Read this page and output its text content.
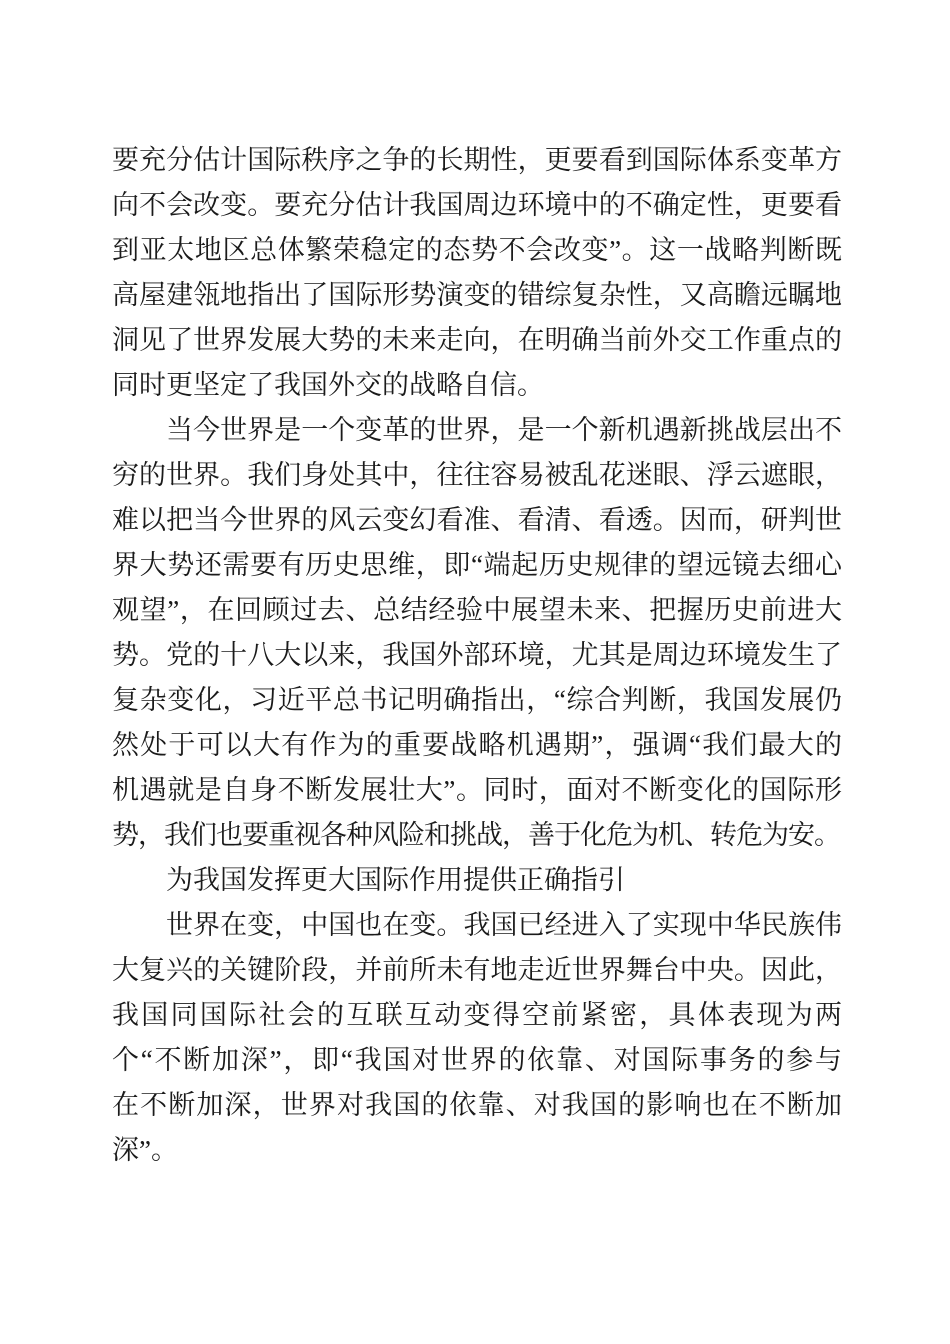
要充分估计国际秩序之争的长期性，更要看到国际体系变革方
向不会改变。要充分估计我国周边环境中的不确定性，更要看
到亚太地区总体繁荣稳定的态势不会改变”。这一战略判断既
高屋建瓴地指出了国际形势演变的错综复杂性，又高瞻远瞩地
洞见了世界发展大势的未来走向，在明确当前外交工作重点的
同时更坚定了我国外交的战略自信。
当今世界是一个变革的世界，是一个新机遇新挑战层出不
穷的世界。我们身处其中，往往容易被乱花迷眼、浮云遮眼，
难以把当今世界的风云变幻看准、看清、看透。因而，研判世
界大势还需要有历史思维，即“端起历史规律的望远镜去细心
观望”，在回顾过去、总结经验中展望未来、把握历史前进大
势。党的十八大以来，我国外部环境，尤其是周边环境发生了
复杂变化，习近平总书记明确指出，“综合判断，我国发展仍
然处于可以大有作为的重要战略机遇期”，强调“我们最大的
机遇就是自身不断发展壮大”。同时，面对不断变化的国际形
势，我们也要重视各种风险和挑战，善于化危为机、转危为安。
为我国发挥更大国际作用提供正确指引
世界在变，中国也在变。我国已经进入了实现中华民族伟
大复兴的关键阶段，并前所未有地走近世界舞台中央。因此，
我国同国际社会的互联互动变得空前紧密，具体表现为两
个“不断加深”，即“我国对世界的依靠、对国际事务的参与
在不断加深，世界对我国的依靠、对我国的影响也在不断加
深”。
